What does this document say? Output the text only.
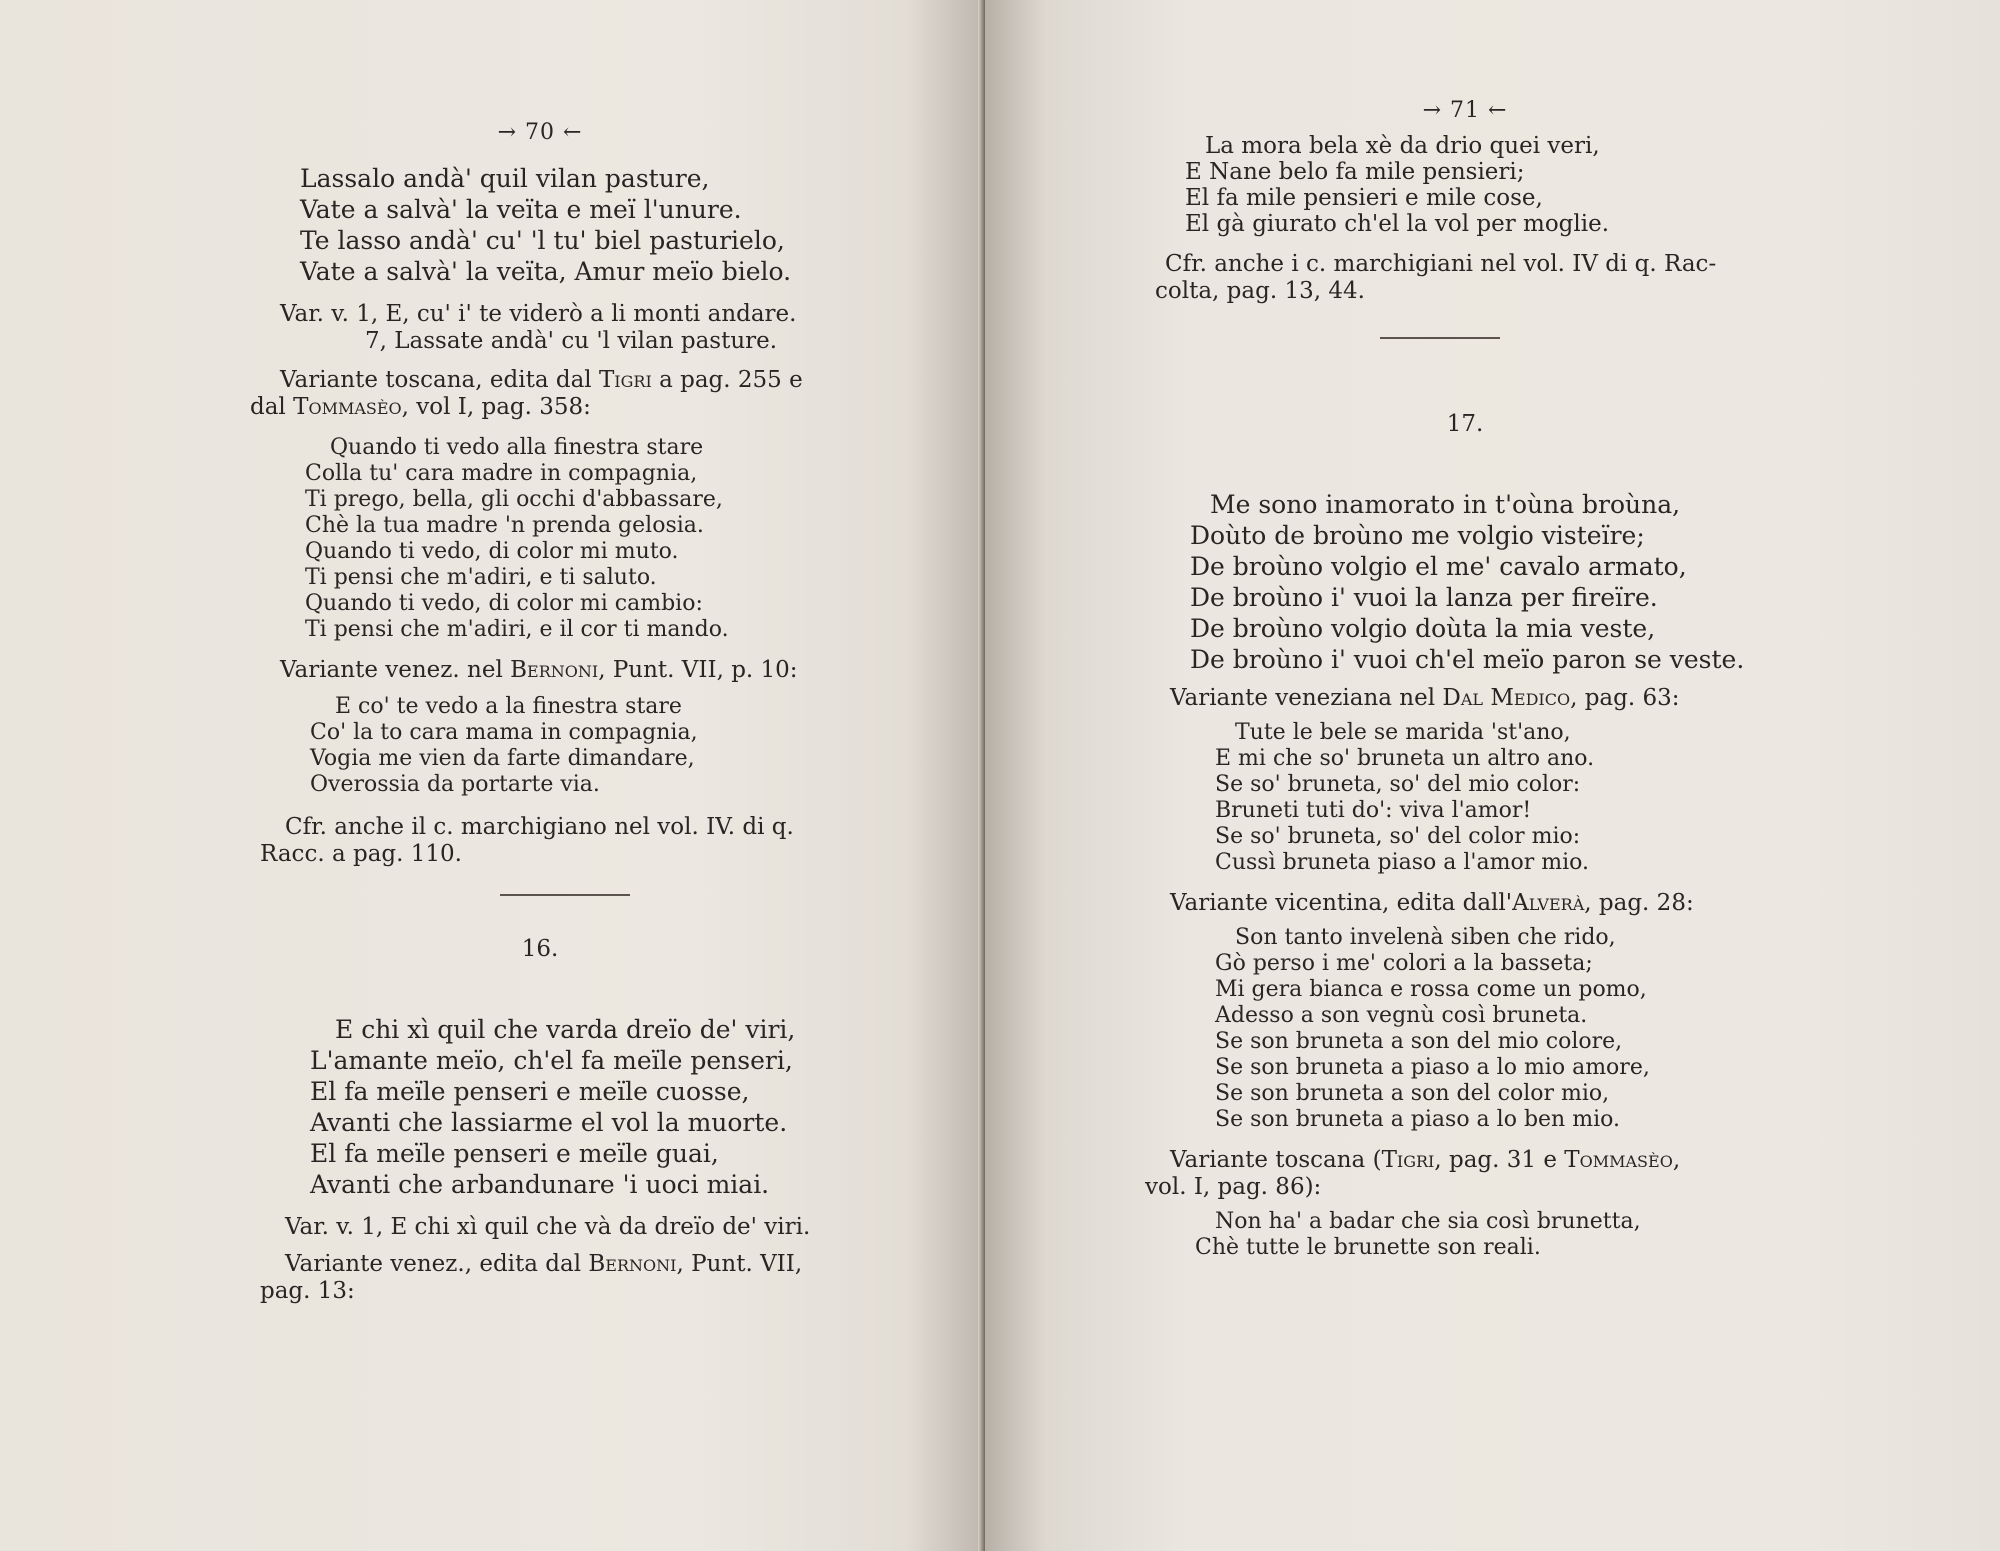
→ 70 ←
Lassalo andà' quil vilan pasture,
Vate a salvà' la veïta e meï l'unure.
Te lasso andà' cu' 'l tu' biel pasturielo,
Vate a salvà' la veïta, Amur meïo bielo.
Var. v. 1, E, cu' i' te viderò a li monti andare.
7, Lassate andà' cu 'l vilan pasture.
Variante toscana, edita dal Tigri a pag. 255 e
dal Tommasèo, vol I, pag. 358:
Quando ti vedo alla finestra stare
Colla tu' cara madre in compagnia,
Ti prego, bella, gli occhi d'abbassare,
Chè la tua madre 'n prenda gelosia.
Quando ti vedo, di color mi muto.
Ti pensi che m'adiri, e ti saluto.
Quando ti vedo, di color mi cambio:
Ti pensi che m'adiri, e il cor ti mando.
Variante venez. nel Bernoni, Punt. VII, p. 10:
E co' te vedo a la finestra stare
Co' la to cara mama in compagnia,
Vogia me vien da farte dimandare,
Overossia da portarte via.
Cfr. anche il c. marchigiano nel vol. IV. di q.
Racc. a pag. 110.
16.
E chi xì quil che varda dreïo de' viri,
L'amante meïo, ch'el fa meïle penseri,
El fa meïle penseri e meïle cuosse,
Avanti che lassiarme el vol la muorte.
El fa meïle penseri e meïle guai,
Avanti che arbandunare 'i uoci miai.
Var. v. 1, E chi xì quil che và da dreïo de' viri.
Variante venez., edita dal Bernoni, Punt. VII,
pag. 13:
→ 71 ←
La mora bela xè da drio quei veri,
E Nane belo fa mile pensieri;
El fa mile pensieri e mile cose,
El gà giurato ch'el la vol per moglie.
Cfr. anche i c. marchigiani nel vol. IV di q. Rac-
colta, pag. 13, 44.
17.
Me sono inamorato in t'oùna broùna,
Doùto de broùno me volgio visteïre;
De broùno volgio el me' cavalo armato,
De broùno i' vuoi la lanza per fireïre.
De broùno volgio doùta la mia veste,
De broùno i' vuoi ch'el meïo paron se veste.
Variante veneziana nel Dal Medico, pag. 63:
Tute le bele se marida 'st'ano,
E mi che so' bruneta un altro ano.
Se so' bruneta, so' del mio color:
Bruneti tuti do': viva l'amor!
Se so' bruneta, so' del color mio:
Cussì bruneta piaso a l'amor mio.
Variante vicentina, edita dall'Alverà, pag. 28:
Son tanto invelenà siben che rido,
Gò perso i me' colori a la basseta;
Mi gera bianca e rossa come un pomo,
Adesso a son vegnù così bruneta.
Se son bruneta a son del mio colore,
Se son bruneta a piaso a lo mio amore,
Se son bruneta a son del color mio,
Se son bruneta a piaso a lo ben mio.
Variante toscana (Tigri, pag. 31 e Tommasèo,
vol. I, pag. 86):
Non ha' a badar che sia così brunetta,
Chè tutte le brunette son reali.
